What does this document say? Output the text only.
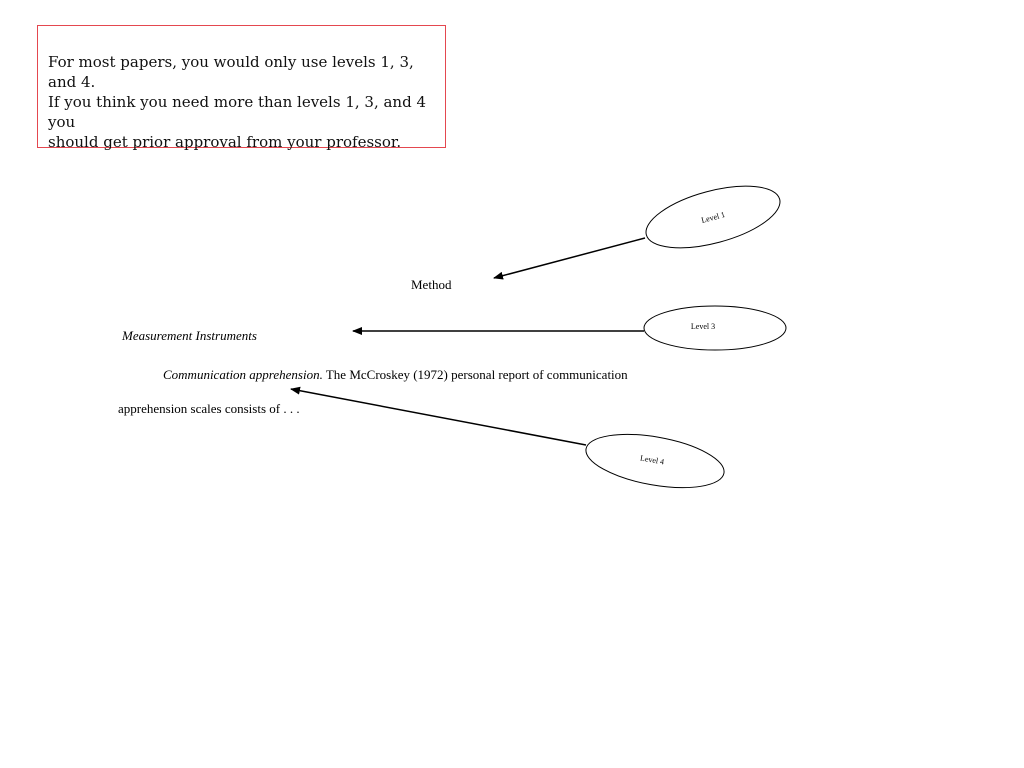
For most papers, you would only use levels 1, 3, and 4.
If you think you need more than levels 1, 3, and 4 you
should get prior approval from your professor.

Method
Measurement Instruments
Communication apprehension. The McCroskey (1972) personal report of communication
apprehension scales consists of . . .
Level 1
Level 3
Level 4
